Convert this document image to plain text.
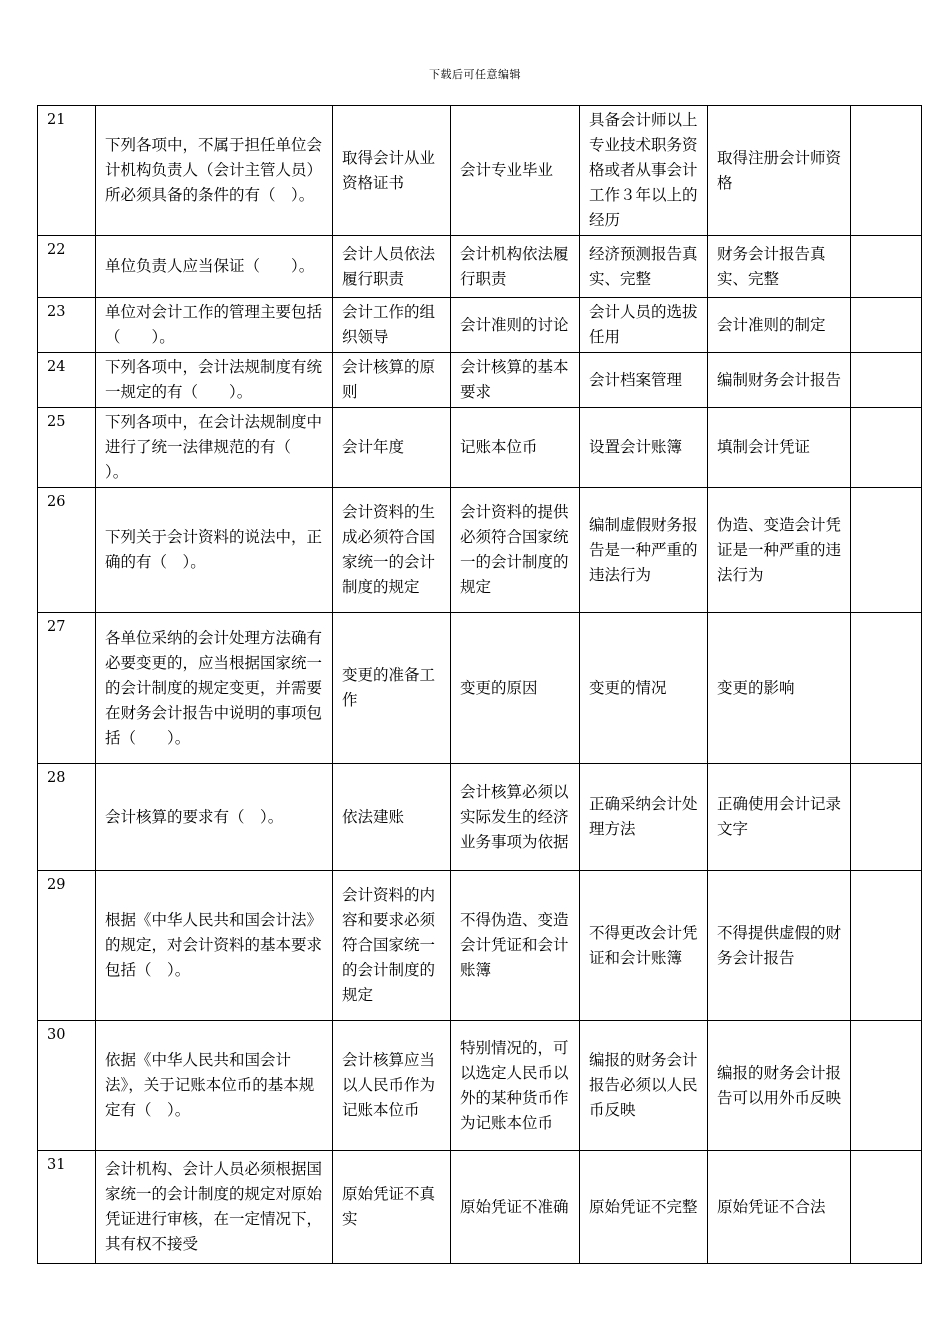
下载后可任意编辑
21	下列各项中，不属于担任单位会计机构负责人（会计主管人员）所必须具备的条件的有（　）。	取得会计从业资格证书	会计专业毕业	具备会计师以上专业技术职务资格或者从事会计工作３年以上的经历	取得注册会计师资格	
22	单位负责人应当保证（　　）。	会计人员依法履行职责	会计机构依法履行职责	经济预测报告真实、完整	财务会计报告真实、完整	
23	单位对会计工作的管理主要包括（　　）。	会计工作的组织领导	会计准则的讨论	会计人员的选拔任用	会计准则的制定	
24	下列各项中，会计法规制度有统一规定的有（　　）。	会计核算的原则	会计核算的基本要求	会计档案管理	编制财务会计报告	
25	下列各项中，在会计法规制度中进行了统一法律规范的有（　　）。	会计年度	记账本位币	设置会计账簿	填制会计凭证	
26	下列关于会计资料的说法中，正确的有（　）。	会计资料的生成必须符合国家统一的会计制度的规定	会计资料的提供必须符合国家统一的会计制度的规定	编制虚假财务报告是一种严重的违法行为	伪造、变造会计凭证是一种严重的违法行为	
27	各单位采纳的会计处理方法确有必要变更的，应当根据国家统一的会计制度的规定变更，并需要在财务会计报告中说明的事项包括（　　）。	变更的准备工作	变更的原因	变更的情况	变更的影响	
28	会计核算的要求有（　）。	依法建账	会计核算必须以实际发生的经济业务事项为依据	正确采纳会计处理方法	正确使用会计记录文字	
29	根据《中华人民共和国会计法》的规定，对会计资料的基本要求包括（　）。	会计资料的内容和要求必须符合国家统一的会计制度的规定	不得伪造、变造会计凭证和会计账簿	不得更改会计凭证和会计账簿	不得提供虚假的财务会计报告	
30	依据《中华人民共和国会计法》，关于记账本位币的基本规定有（　）。	会计核算应当以人民币作为记账本位币	特别情况的，可以选定人民币以外的某种货币作为记账本位币	编报的财务会计报告必须以人民币反映	编报的财务会计报告可以用外币反映	
31	会计机构、会计人员必须根据国家统一的会计制度的规定对原始凭证进行审核，在一定情况下，其有权不接受	原始凭证不真实	原始凭证不准确	原始凭证不完整	原始凭证不合法	
